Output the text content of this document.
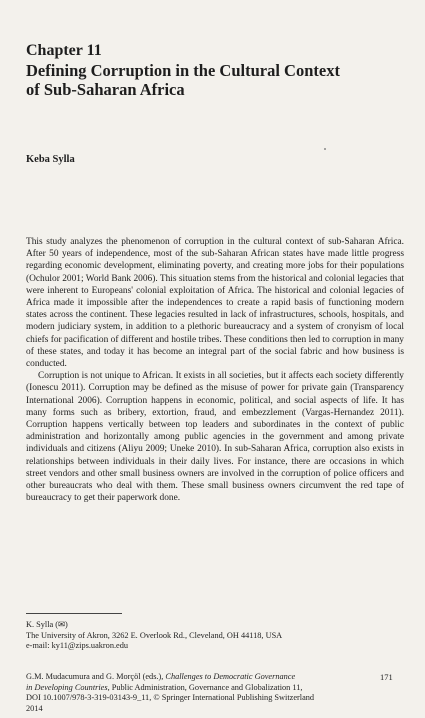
Chapter 11
Defining Corruption in the Cultural Context
of Sub-Saharan Africa
Keba Sylla

This study analyzes the phenomenon of corruption in the cultural context of sub-Saharan Africa. After 50 years of independence, most of the sub-Saharan African states have made little progress regarding economic development, eliminating poverty, and creating more jobs for their populations (Ochulor 2001; World Bank 2006). This situation stems from the historical and colonial legacies that were inherent to Europeans' colonial exploitation of Africa. The historical and colonial legacies of Africa made it impossible after the independences to create a rapid basis of functioning modern states across the continent. These legacies resulted in lack of infrastructures, schools, hospitals, and modern judiciary system, in addition to a plethoric bureaucracy and a system of cronyism of local chiefs for pacification of different and hostile tribes. These conditions then led to corruption in many of these states, and today it has become an integral part of the social fabric and how business is conducted.

Corruption is not unique to African. It exists in all societies, but it affects each society differently (Ionescu 2011). Corruption may be defined as the misuse of power for private gain (Transparency International 2006). Corruption happens in economic, political, and social aspects of life. It has many forms such as bribery, extortion, fraud, and embezzlement (Vargas-Hernandez 2011). Corruption happens vertically between top leaders and subordinates in the context of public administration and horizontally among public agencies in the government and among private individuals and citizens (Aliyu 2009; Uneke 2010). In sub-Saharan Africa, corruption also exists in relationships between individuals in their daily lives. For instance, there are occasions in which street vendors and other small business owners are involved in the corruption of police officers and other bureaucrats who deal with them. These small business owners circumvent the red tape of bureaucracy to get their paperwork done.

K. Sylla (✉)
The University of Akron, 3262 E. Overlook Rd., Cleveland, OH 44118, USA
e-mail: ky11@zips.uakron.edu
G.M. Mudacumura and G. Morçöl (eds.), Challenges to Democratic Governance
in Developing Countries, Public Administration, Governance and Globalization 11,
DOI 10.1007/978-3-319-03143-9_11, © Springer International Publishing Switzerland 2014
171
